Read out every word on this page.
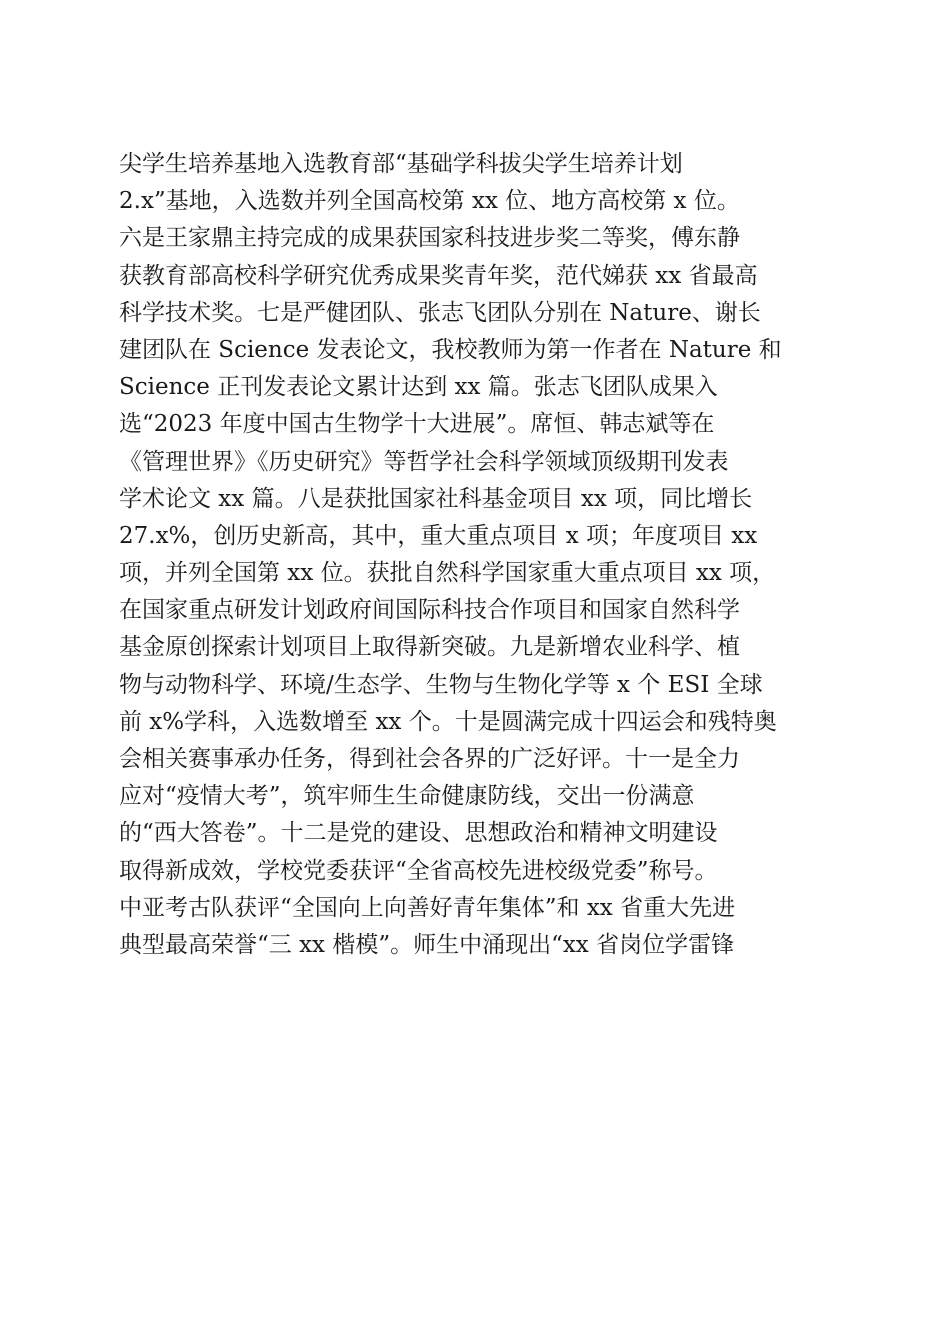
尖学生培养基地入选教育部“基础学科拔尖学生培养计划
2.x”基地，入选数并列全国高校第 xx 位、地方高校第 x 位。
六是王家鼎主持完成的成果获国家科技进步奖二等奖，傅东静
获教育部高校科学研究优秀成果奖青年奖，范代娣获 xx 省最高
科学技术奖。七是严健团队、张志飞团队分别在 Nature、谢长
建团队在 Science 发表论文，我校教师为第一作者在 Nature 和
Science 正刊发表论文累计达到 xx 篇。张志飞团队成果入
选“2023 年度中国古生物学十大进展”。席恒、韩志斌等在
《管理世界》《历史研究》等哲学社会科学领域顶级期刊发表
学术论文 xx 篇。八是获批国家社科基金项目 xx 项，同比增长
27.x%，创历史新高，其中，重大重点项目 x 项；年度项目 xx
项，并列全国第 xx 位。获批自然科学国家重大重点项目 xx 项，
在国家重点研发计划政府间国际科技合作项目和国家自然科学
基金原创探索计划项目上取得新突破。九是新增农业科学、植
物与动物科学、环境/生态学、生物与生物化学等 x 个 ESI 全球
前 x%学科，入选数增至 xx 个。十是圆满完成十四运会和残特奥
会相关赛事承办任务，得到社会各界的广泛好评。十一是全力
应对“疫情大考”，筑牢师生生命健康防线，交出一份满意
的“西大答卷”。十二是党的建设、思想政治和精神文明建设
取得新成效，学校党委获评“全省高校先进校级党委”称号。
中亚考古队获评“全国向上向善好青年集体”和 xx 省重大先进
典型最高荣誉“三 xx 楷模”。师生中涌现出“xx 省岗位学雷锋
